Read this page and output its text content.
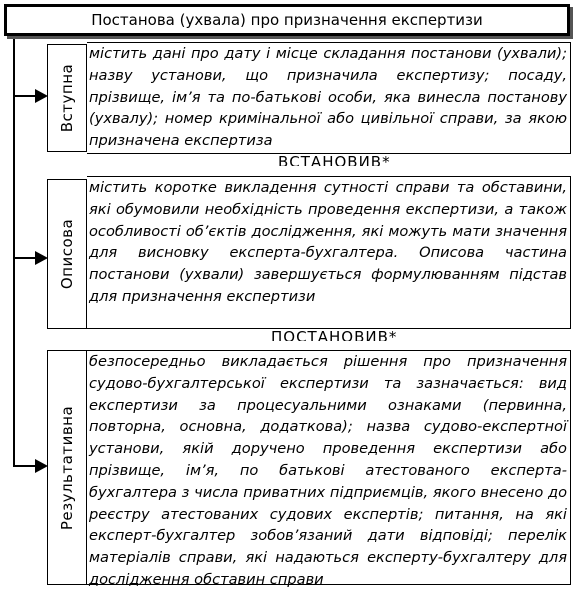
Постанова (ухвала) про призначення експертизи
Вступна
містить дані про дату і місце складання постанови (ухвали); назву установи, що призначила експертизу; посаду, прізвище, ім’я та по-батькові особи, яка винесла постанову (ухвалу); номер кримінальної або цивільної справи, за якою призначена експертиза
ВСТАНОВИВ*
Описова
містить коротке викладення сутності справи та обставини, які обумовили необхідність проведення експертизи, а також особливості об’єктів дослідження, які можуть мати значення для висновку експерта-бухгалтера. Описова частина постанови (ухвали) завершується формулюванням підстав для призначення експертизи
ПОСТАНОВИВ*
Результативна
безпосередньо викладається рішення про призначення судово-бухгалтерської експертизи та зазначається: вид експертизи за процесуальними ознаками (первинна, повторна, основна, додаткова); назва судово-експертної установи, якій доручено проведення експертизи або прізвище, ім’я, по батькові атестованого експерта-бухгалтера з числа приватних підприємців, якого внесено до реєстру атестованих судових експертів; питання, на які експерт-бухгалтер зобов’язаний дати відповіді; перелік матеріалів справи, які надаються експерту-бухгалтеру для дослідження обставин справи
